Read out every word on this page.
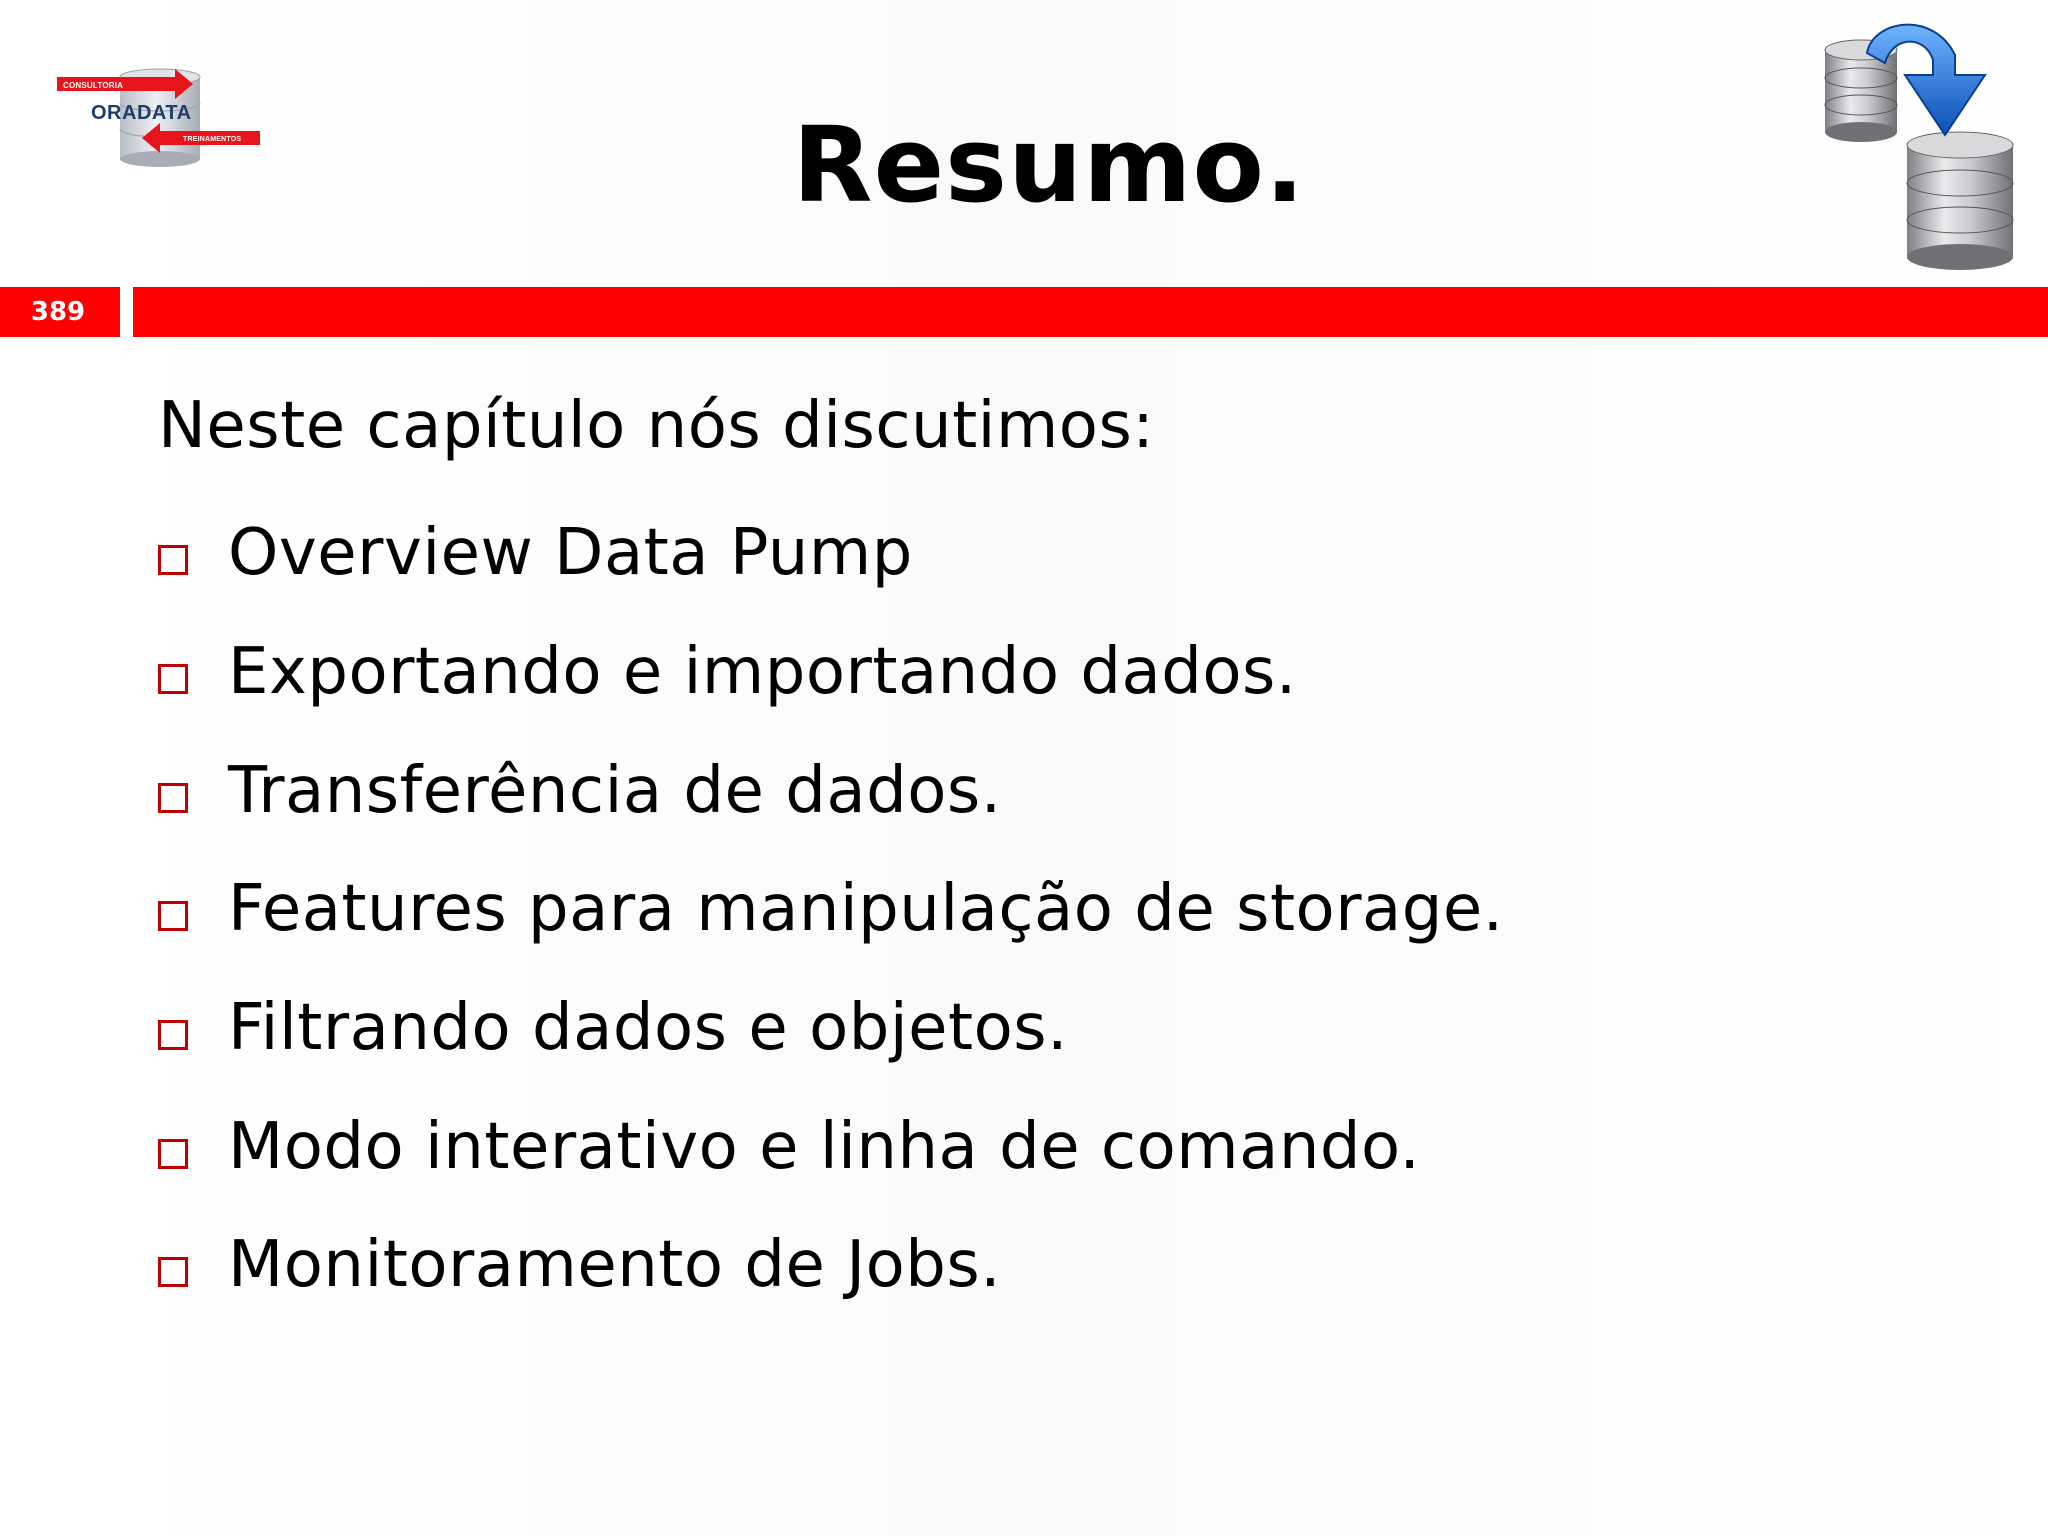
CONSULTORIA
ORADATA
TREINAMENTOS	Resumo.
389
Neste capítulo nós discutimos:
Overview Data Pump
Exportando e importando dados.
Transferência de dados.
Features para manipulação de storage.
Filtrando dados e objetos.
Modo interativo e linha de comando.
Monitoramento de Jobs.
